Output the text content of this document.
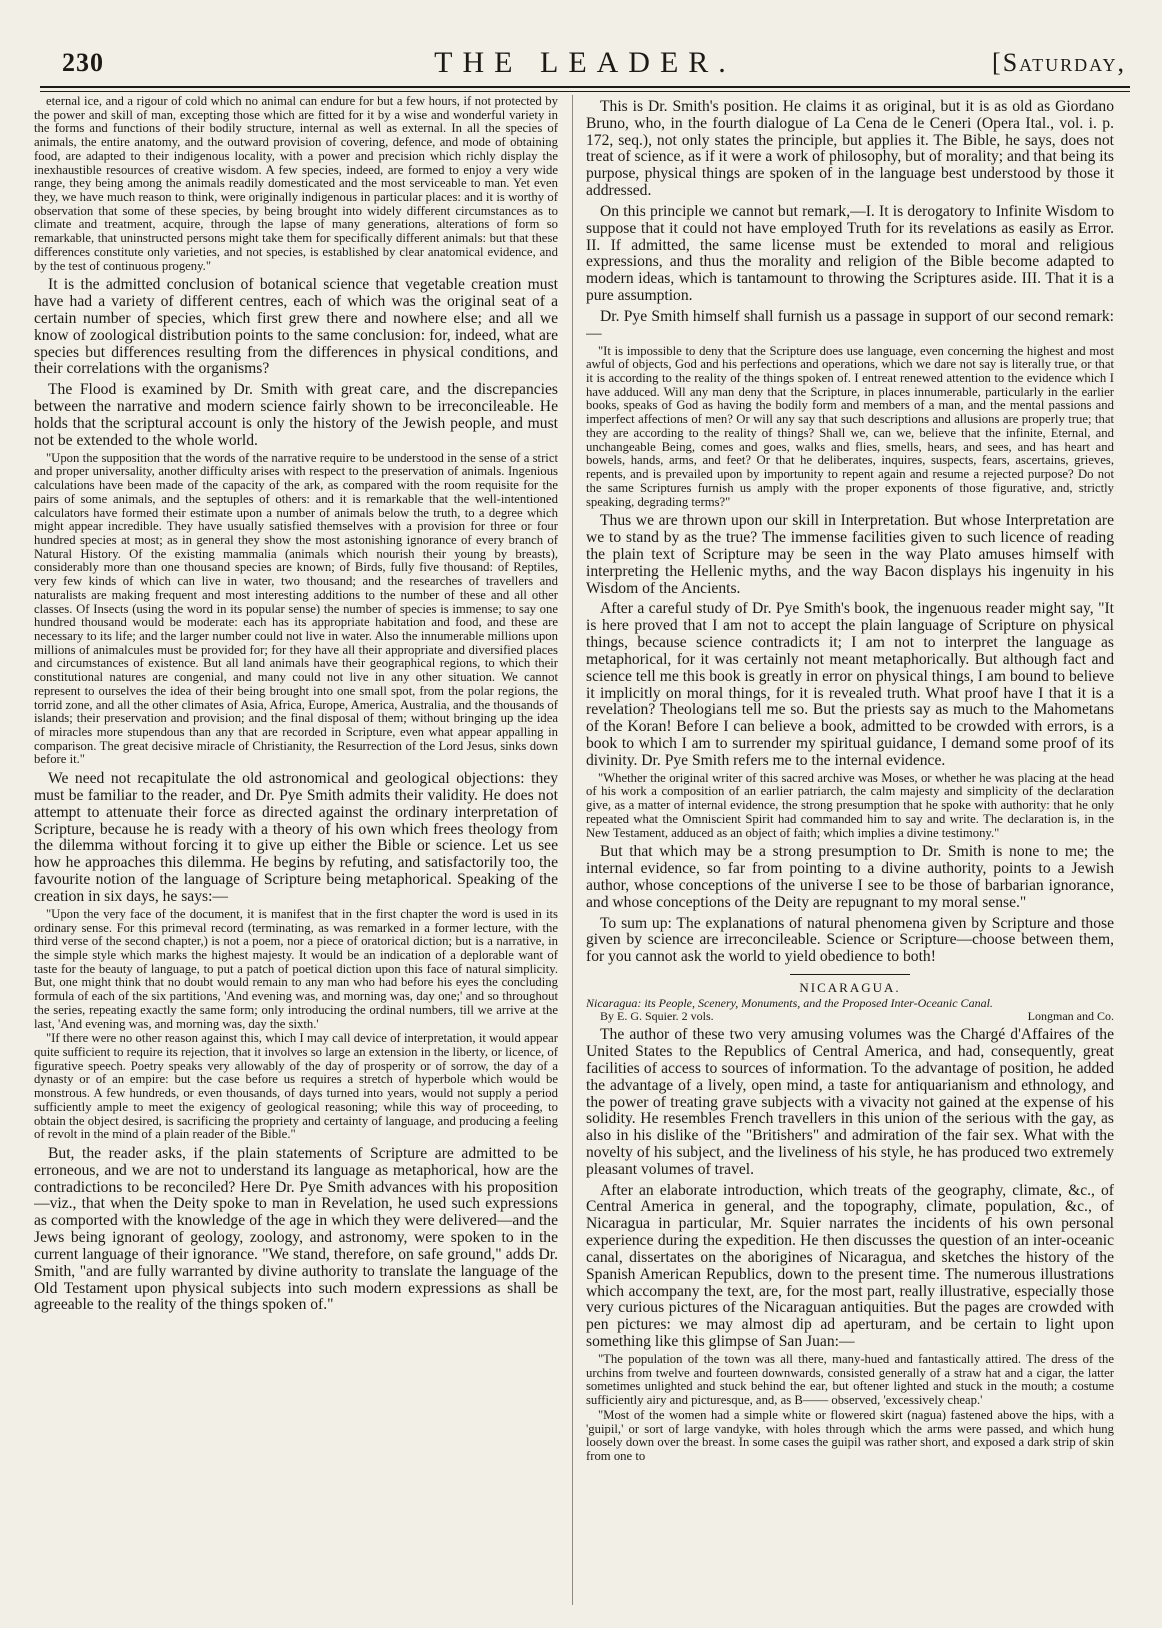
230	THE LEADER.	[Saturday,

eternal ice, and a rigour of cold which no animal can endure for but a few hours, if not protected by the power and skill of man, excepting those which are fitted for it by a wise and wonderful variety in the forms and functions of their bodily structure, internal as well as external. In all the species of animals, the entire anatomy, and the outward provision of covering, defence, and mode of obtaining food, are adapted to their indigenous locality, with a power and precision which richly display the inexhaustible resources of creative wisdom. A few species, indeed, are formed to enjoy a very wide range, they being among the animals readily domesticated and the most serviceable to man. Yet even they, we have much reason to think, were originally indigenous in particular places: and it is worthy of observation that some of these species, by being brought into widely different circumstances as to climate and treatment, acquire, through the lapse of many generations, alterations of form so remarkable, that uninstructed persons might take them for specifically different animals: but that these differences constitute only varieties, and not species, is established by clear anatomical evidence, and by the test of continuous progeny."

It is the admitted conclusion of botanical science that vegetable creation must have had a variety of different centres, each of which was the original seat of a certain number of species, which first grew there and nowhere else; and all we know of zoological distribution points to the same conclusion: for, indeed, what are species but differences resulting from the differences in physical conditions, and their correlations with the organisms?

The Flood is examined by Dr. Smith with great care, and the discrepancies between the narrative and modern science fairly shown to be irreconcileable. He holds that the scriptural account is only the history of the Jewish people, and must not be extended to the whole world.

"Upon the supposition that the words of the narrative require to be understood in the sense of a strict and proper universality, another difficulty arises with respect to the preservation of animals. Ingenious calculations have been made of the capacity of the ark, as compared with the room requisite for the pairs of some animals, and the septuples of others: and it is remarkable that the well-intentioned calculators have formed their estimate upon a number of animals below the truth, to a degree which might appear incredible. They have usually satisfied themselves with a provision for three or four hundred species at most; as in general they show the most astonishing ignorance of every branch of Natural History. Of the existing mammalia (animals which nourish their young by breasts), considerably more than one thousand species are known; of Birds, fully five thousand: of Reptiles, very few kinds of which can live in water, two thousand; and the researches of travellers and naturalists are making frequent and most interesting additions to the number of these and all other classes. Of Insects (using the word in its popular sense) the number of species is immense; to say one hundred thousand would be moderate: each has its appropriate habitation and food, and these are necessary to its life; and the larger number could not live in water. Also the innumerable millions upon millions of animalcules must be provided for; for they have all their appropriate and diversified places and circumstances of existence. But all land animals have their geographical regions, to which their constitutional natures are congenial, and many could not live in any other situation. We cannot represent to ourselves the idea of their being brought into one small spot, from the polar regions, the torrid zone, and all the other climates of Asia, Africa, Europe, America, Australia, and the thousands of islands; their preservation and provision; and the final disposal of them; without bringing up the idea of miracles more stupendous than any that are recorded in Scripture, even what appear appalling in comparison. The great decisive miracle of Christianity, the Resurrection of the Lord Jesus, sinks down before it."

We need not recapitulate the old astronomical and geological objections: they must be familiar to the reader, and Dr. Pye Smith admits their validity. He does not attempt to attenuate their force as directed against the ordinary interpretation of Scripture, because he is ready with a theory of his own which frees theology from the dilemma without forcing it to give up either the Bible or science. Let us see how he approaches this dilemma. He begins by refuting, and satisfactorily too, the favourite notion of the language of Scripture being metaphorical. Speaking of the creation in six days, he says:—

"Upon the very face of the document, it is manifest that in the first chapter the word is used in its ordinary sense. For this primeval record (terminating, as was remarked in a former lecture, with the third verse of the second chapter,) is not a poem, nor a piece of oratorical diction; but is a narrative, in the simple style which marks the highest majesty. It would be an indication of a deplorable want of taste for the beauty of language, to put a patch of poetical diction upon this face of natural simplicity. But, one might think that no doubt would remain to any man who had before his eyes the concluding formula of each of the six partitions, 'And evening was, and morning was, day one;' and so throughout the series, repeating exactly the same form; only introducing the ordinal numbers, till we arrive at the last, 'And evening was, and morning was, day the sixth.'

"If there were no other reason against this, which I may call device of interpretation, it would appear quite sufficient to require its rejection, that it involves so large an extension in the liberty, or licence, of figurative speech. Poetry speaks very allowably of the day of prosperity or of sorrow, the day of a dynasty or of an empire: but the case before us requires a stretch of hyperbole which would be monstrous. A few hundreds, or even thousands, of days turned into years, would not supply a period sufficiently ample to meet the exigency of geological reasoning; while this way of proceeding, to obtain the object desired, is sacrificing the propriety and certainty of language, and producing a feeling of revolt in the mind of a plain reader of the Bible."

But, the reader asks, if the plain statements of Scripture are admitted to be erroneous, and we are not to understand its language as metaphorical, how are the contradictions to be reconciled? Here Dr. Pye Smith advances with his proposition—viz., that when the Deity spoke to man in Revelation, he used such expressions as comported with the knowledge of the age in which they were delivered—and the Jews being ignorant of geology, zoology, and astronomy, were spoken to in the current language of their ignorance. "We stand, therefore, on safe ground," adds Dr. Smith, "and are fully warranted by divine authority to translate the language of the Old Testament upon physical subjects into such modern expressions as shall be agreeable to the reality of the things spoken of."

This is Dr. Smith's position. He claims it as original, but it is as old as Giordano Bruno, who, in the fourth dialogue of La Cena de le Ceneri (Opera Ital., vol. i. p. 172, seq.), not only states the principle, but applies it. The Bible, he says, does not treat of science, as if it were a work of philosophy, but of morality; and that being its purpose, physical things are spoken of in the language best understood by those it addressed.

On this principle we cannot but remark,—I. It is derogatory to Infinite Wisdom to suppose that it could not have employed Truth for its revelations as easily as Error. II. If admitted, the same license must be extended to moral and religious expressions, and thus the morality and religion of the Bible become adapted to modern ideas, which is tantamount to throwing the Scriptures aside. III. That it is a pure assumption.

Dr. Pye Smith himself shall furnish us a passage in support of our second remark:—

"It is impossible to deny that the Scripture does use language, even concerning the highest and most awful of objects, God and his perfections and operations, which we dare not say is literally true, or that it is according to the reality of the things spoken of. I entreat renewed attention to the evidence which I have adduced. Will any man deny that the Scripture, in places innumerable, particularly in the earlier books, speaks of God as having the bodily form and members of a man, and the mental passions and imperfect affections of men? Or will any say that such descriptions and allusions are properly true; that they are according to the reality of things? Shall we, can we, believe that the infinite, Eternal, and unchangeable Being, comes and goes, walks and flies, smells, hears, and sees, and has heart and bowels, hands, arms, and feet? Or that he deliberates, inquires, suspects, fears, ascertains, grieves, repents, and is prevailed upon by importunity to repent again and resume a rejected purpose? Do not the same Scriptures furnish us amply with the proper exponents of those figurative, and, strictly speaking, degrading terms?"

Thus we are thrown upon our skill in Interpretation. But whose Interpretation are we to stand by as the true? The immense facilities given to such licence of reading the plain text of Scripture may be seen in the way Plato amuses himself with interpreting the Hellenic myths, and the way Bacon displays his ingenuity in his Wisdom of the Ancients.

After a careful study of Dr. Pye Smith's book, the ingenuous reader might say, "It is here proved that I am not to accept the plain language of Scripture on physical things, because science contradicts it; I am not to interpret the language as metaphorical, for it was certainly not meant metaphorically. But although fact and science tell me this book is greatly in error on physical things, I am bound to believe it implicitly on moral things, for it is revealed truth. What proof have I that it is a revelation? Theologians tell me so. But the priests say as much to the Mahometans of the Koran! Before I can believe a book, admitted to be crowded with errors, is a book to which I am to surrender my spiritual guidance, I demand some proof of its divinity. Dr. Pye Smith refers me to the internal evidence.

"Whether the original writer of this sacred archive was Moses, or whether he was placing at the head of his work a composition of an earlier patriarch, the calm majesty and simplicity of the declaration give, as a matter of internal evidence, the strong presumption that he spoke with authority: that he only repeated what the Omniscient Spirit had commanded him to say and write. The declaration is, in the New Testament, adduced as an object of faith; which implies a divine testimony."

But that which may be a strong presumption to Dr. Smith is none to me; the internal evidence, so far from pointing to a divine authority, points to a Jewish author, whose conceptions of the universe I see to be those of barbarian ignorance, and whose conceptions of the Deity are repugnant to my moral sense."

To sum up: The explanations of natural phenomena given by Scripture and those given by science are irreconcileable. Science or Scripture—choose between them, for you cannot ask the world to yield obedience to both!

NICARAGUA.

Nicaragua: its People, Scenery, Monuments, and the Proposed Inter-Oceanic Canal.

By E. G. Squier. 2 vols.	Longman and Co.

The author of these two very amusing volumes was the Chargé d'Affaires of the United States to the Republics of Central America, and had, consequently, great facilities of access to sources of information. To the advantage of position, he added the advantage of a lively, open mind, a taste for antiquarianism and ethnology, and the power of treating grave subjects with a vivacity not gained at the expense of his solidity. He resembles French travellers in this union of the serious with the gay, as also in his dislike of the "Britishers" and admiration of the fair sex. What with the novelty of his subject, and the liveliness of his style, he has produced two extremely pleasant volumes of travel.

After an elaborate introduction, which treats of the geography, climate, &c., of Central America in general, and the topography, climate, population, &c., of Nicaragua in particular, Mr. Squier narrates the incidents of his own personal experience during the expedition. He then discusses the question of an inter-oceanic canal, dissertates on the aborigines of Nicaragua, and sketches the history of the Spanish American Republics, down to the present time. The numerous illustrations which accompany the text, are, for the most part, really illustrative, especially those very curious pictures of the Nicaraguan antiquities. But the pages are crowded with pen pictures: we may almost dip ad aperturam, and be certain to light upon something like this glimpse of San Juan:—

"The population of the town was all there, many-hued and fantastically attired. The dress of the urchins from twelve and fourteen downwards, consisted generally of a straw hat and a cigar, the latter sometimes unlighted and stuck behind the ear, but oftener lighted and stuck in the mouth; a costume sufficiently airy and picturesque, and, as B—— observed, 'excessively cheap.'

"Most of the women had a simple white or flowered skirt (nagua) fastened above the hips, with a 'guipil,' or sort of large vandyke, with holes through which the arms were passed, and which hung loosely down over the breast. In some cases the guipil was rather short, and exposed a dark strip of skin from one to
